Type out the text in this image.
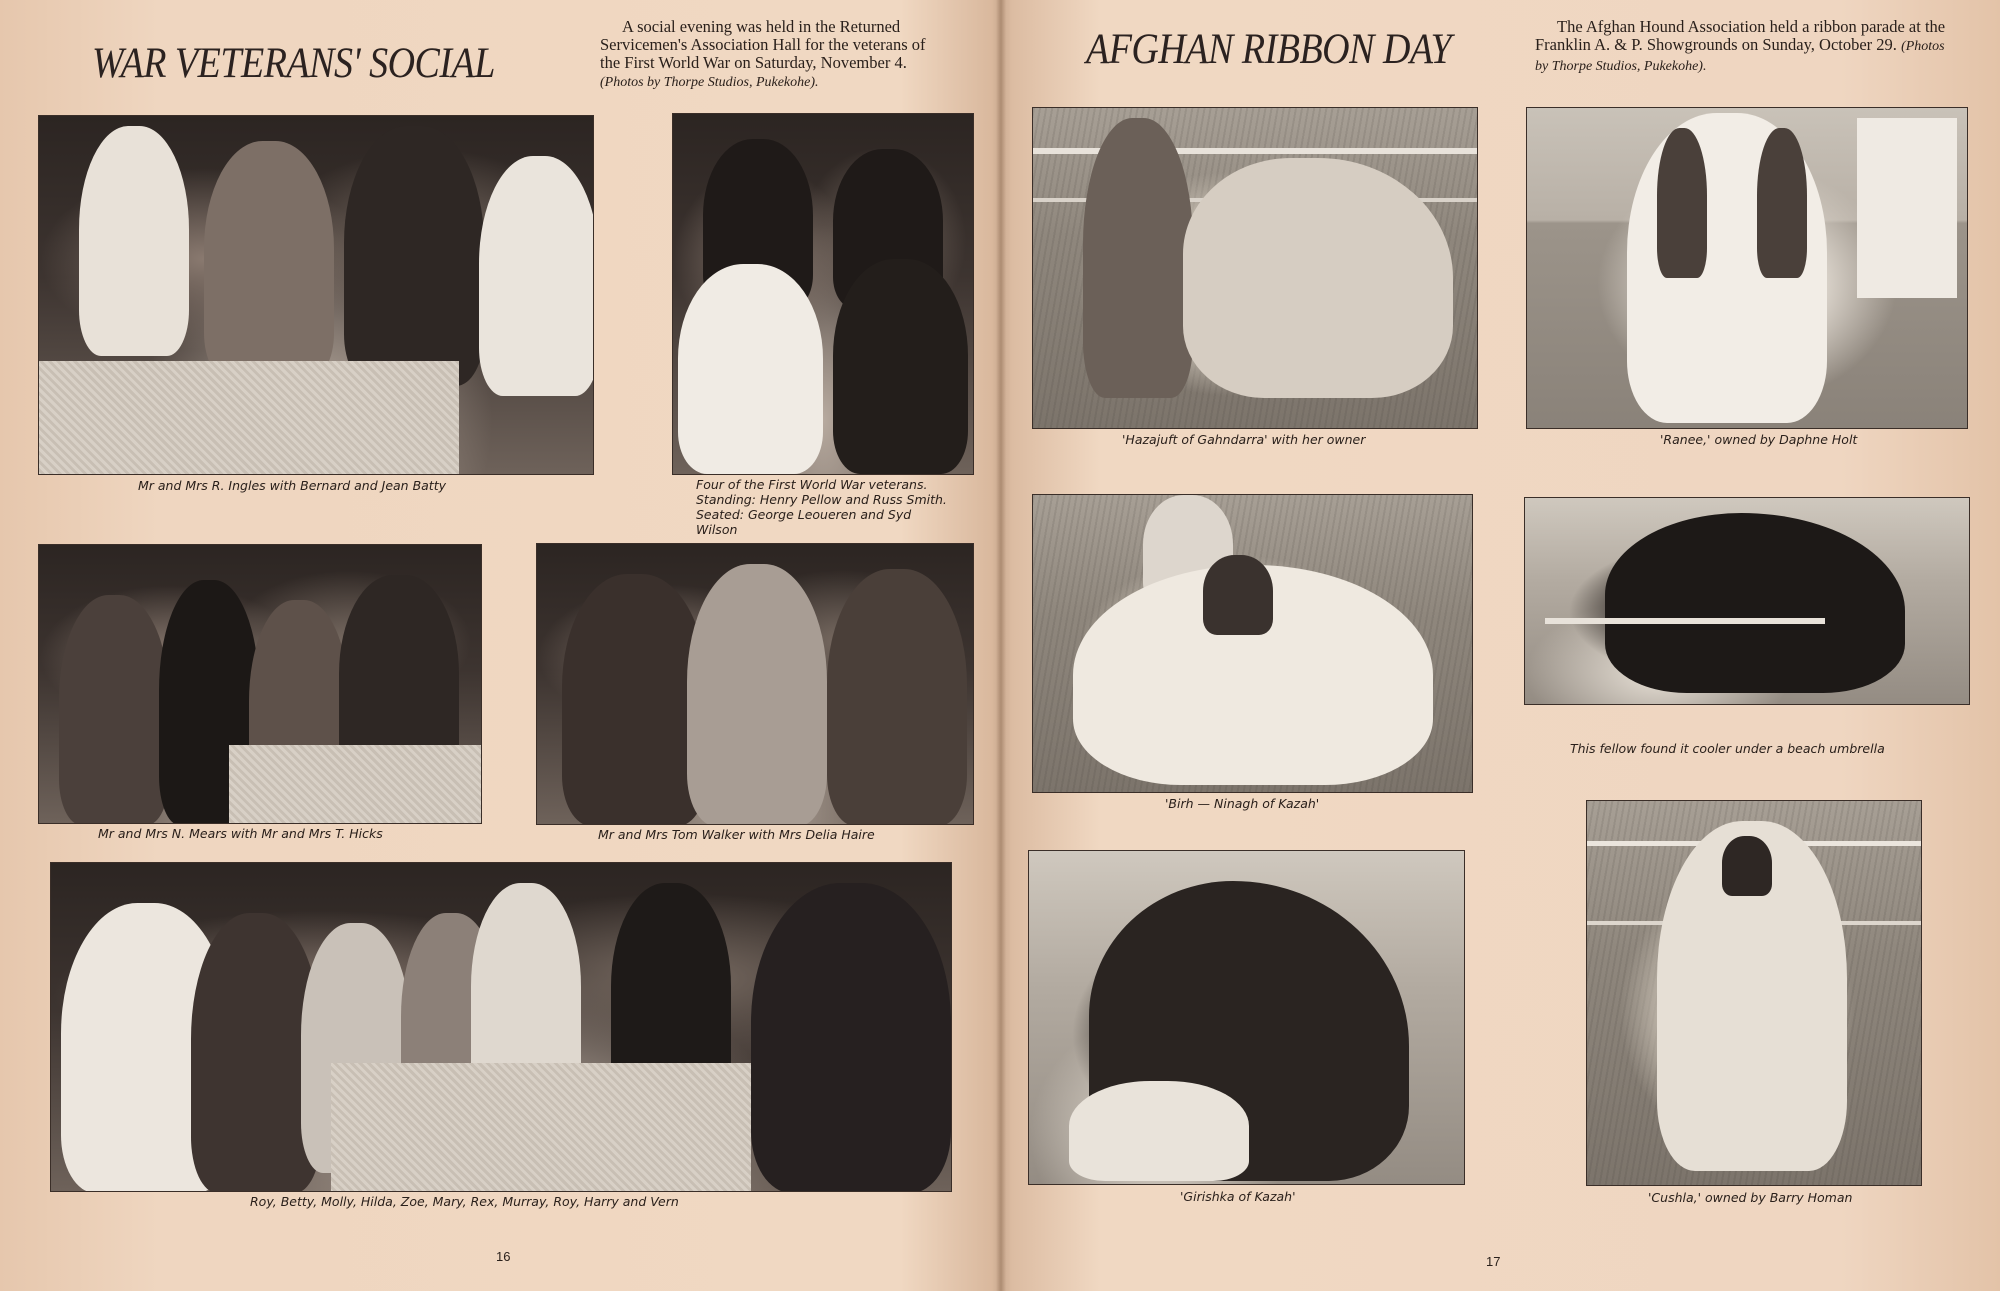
WAR VETERANS' SOCIAL
A social evening was held in the Returned Servicemen's Association Hall for the veterans of the First World War on Saturday, November 4. (Photos by Thorpe Studios, Pukekohe).
Mr and Mrs R. Ingles with Bernard and Jean Batty	Four of the First World War veterans. Standing: Henry Pellow and Russ Smith. Seated: George Leoueren and Syd Wilson
Mr and Mrs N. Mears with Mr and Mrs T. Hicks	Mr and Mrs Tom Walker with Mrs Delia Haire
Roy, Betty, Molly, Hilda, Zoe, Mary, Rex, Murray, Roy, Harry and Vern
16
AFGHAN RIBBON DAY	The Afghan Hound Association held a ribbon parade at the Franklin A. & P. Showgrounds on Sunday, October 29. (Photos by Thorpe Studios, Pukekohe).
'Hazajuft of Gahndarra' with her owner	'Ranee,' owned by Daphne Holt
'Birh — Ninagh of Kazah'
This fellow found it cooler under a beach umbrella
'Girishka of Kazah'	'Cushla,' owned by Barry Homan
17
